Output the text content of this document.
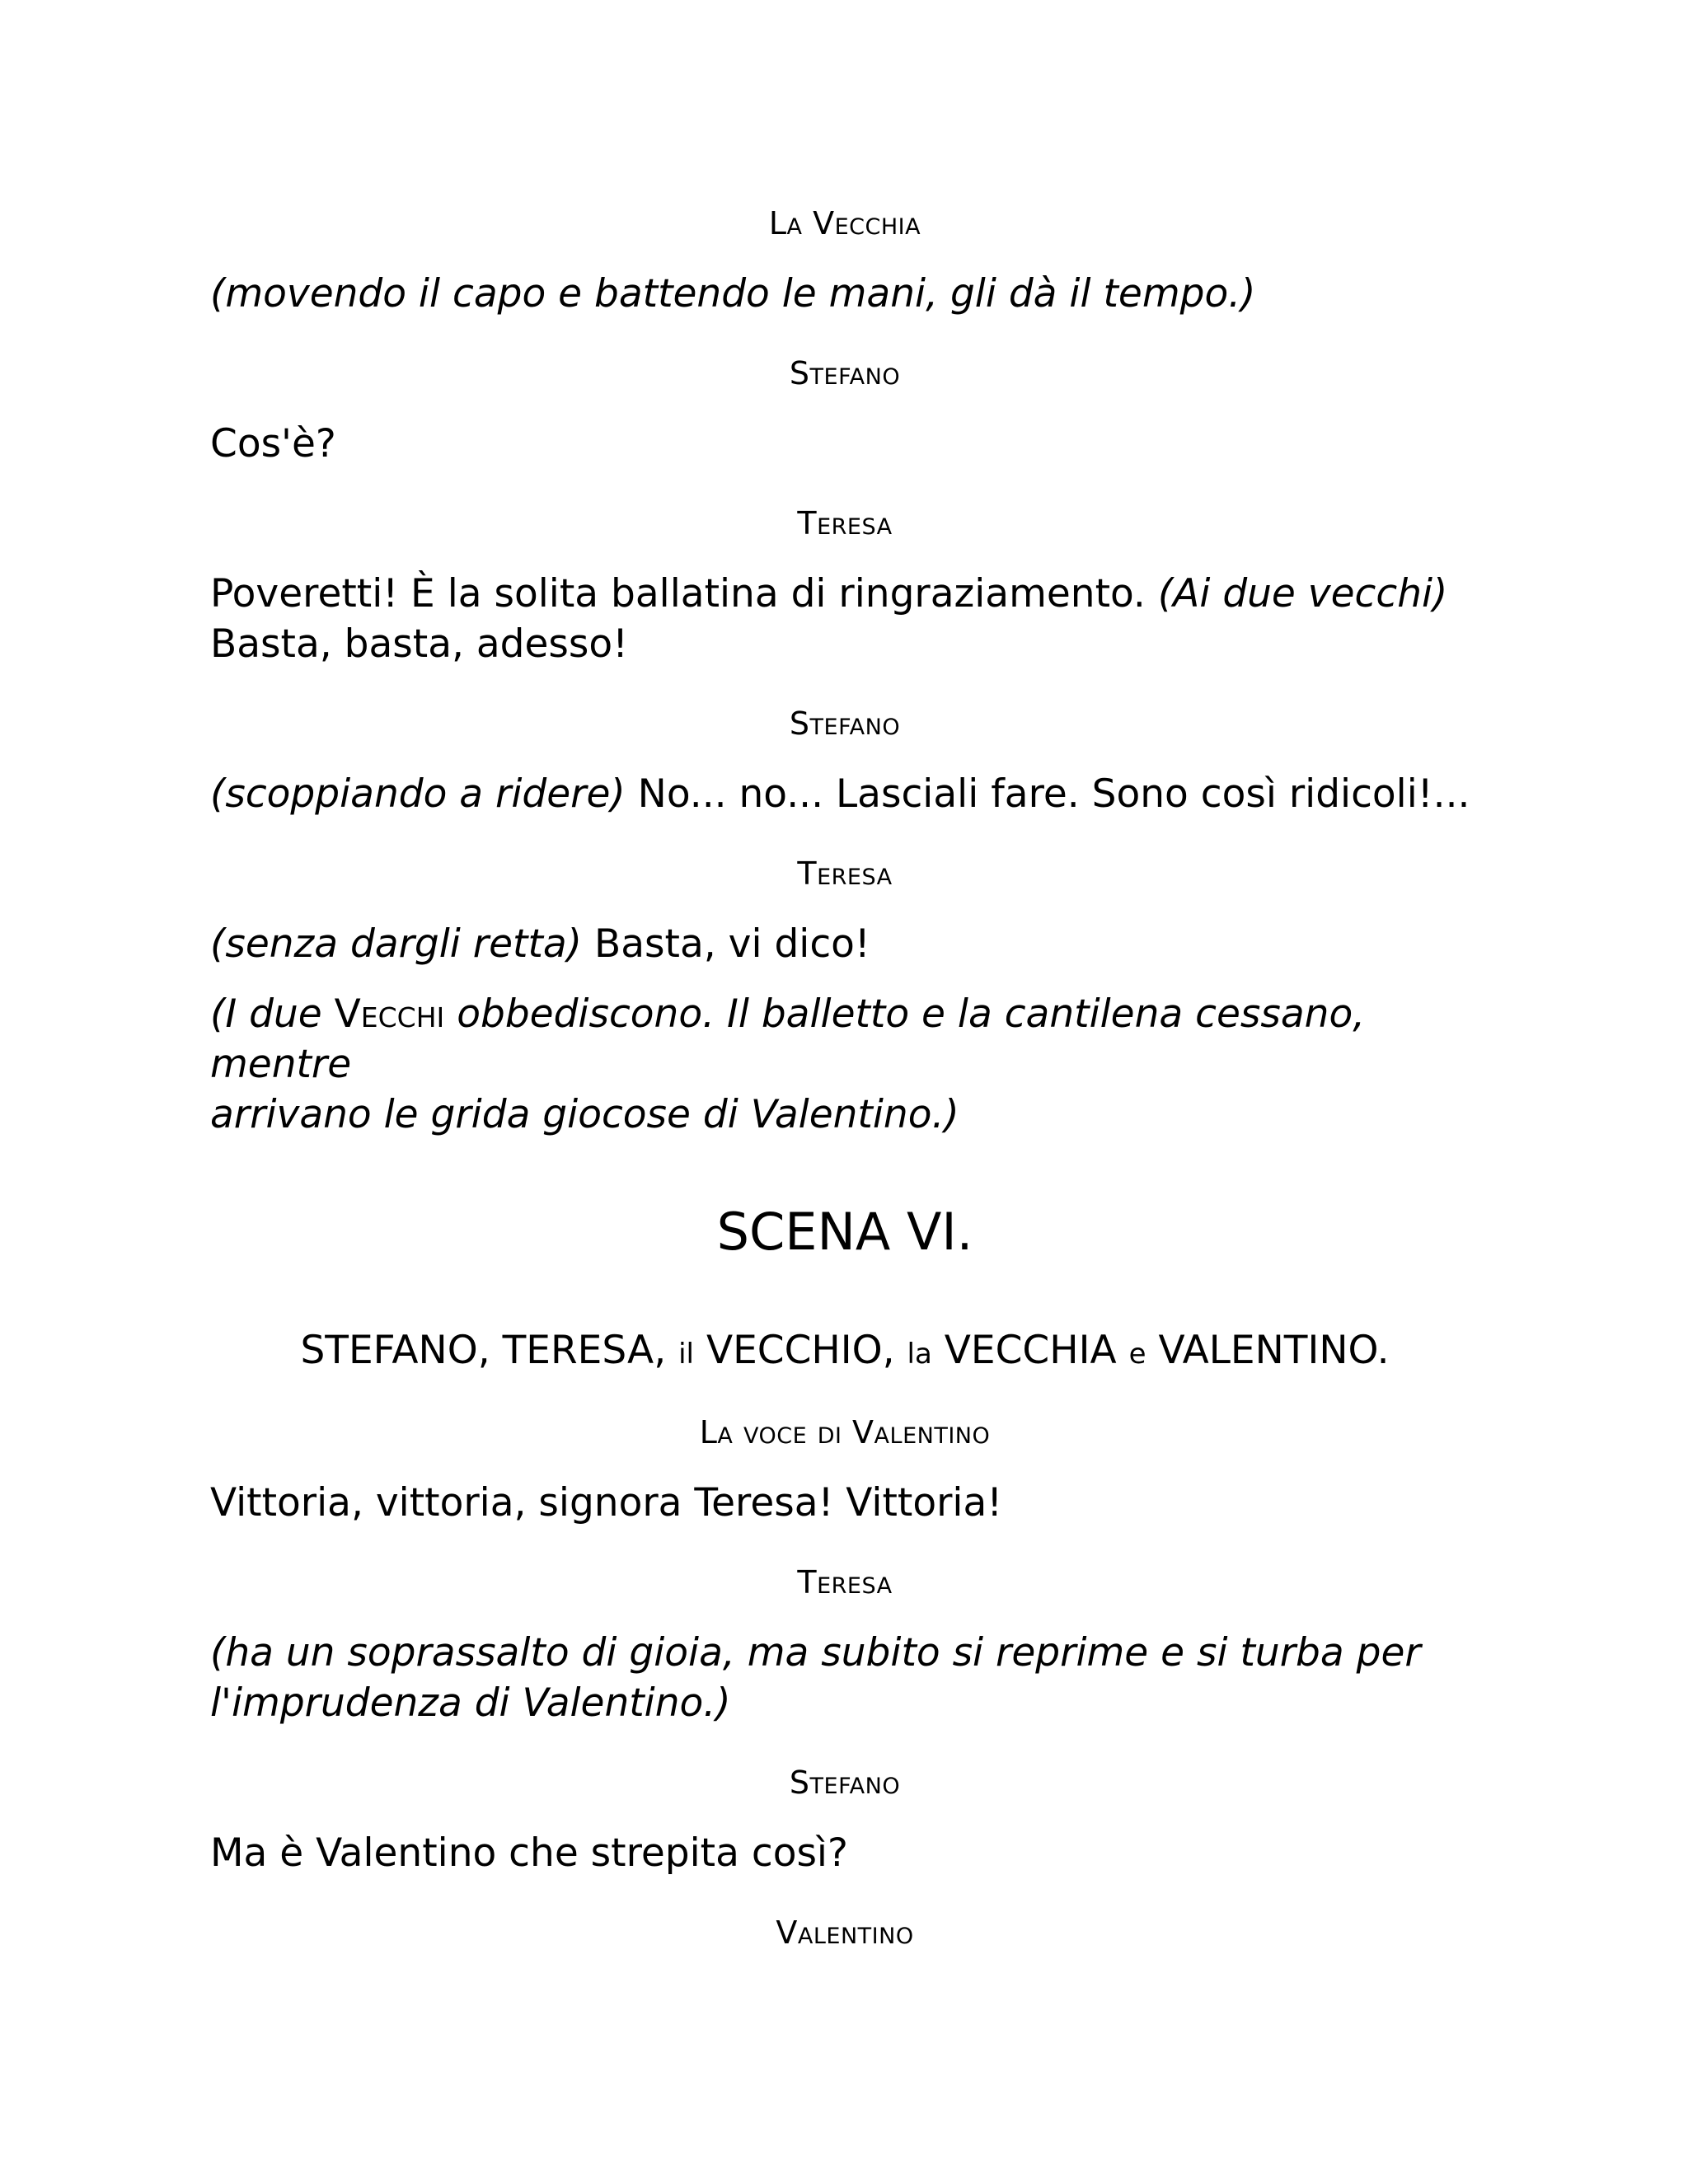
La Vecchia
(movendo il capo e battendo le mani, gli dà il tempo.)
Stefano
Cos'è?
Teresa
Poveretti! È la solita ballatina di ringraziamento. (Ai due vecchi)
Basta, basta, adesso!
Stefano
(scoppiando a ridere) No... no... Lasciali fare. Sono così ridicoli!...
Teresa
(senza dargli retta) Basta, vi dico!
(I due Vecchi obbediscono. Il balletto e la cantilena cessano, mentre
arrivano le grida giocose di Valentino.)
SCENA VI.
STEFANO, TERESA, il VECCHIO, la VECCHIA e VALENTINO.
La voce di Valentino
Vittoria, vittoria, signora Teresa! Vittoria!
Teresa
(ha un soprassalto di gioia, ma subito si reprime e si turba per
l'imprudenza di Valentino.)
Stefano
Ma è Valentino che strepita così?
Valentino
